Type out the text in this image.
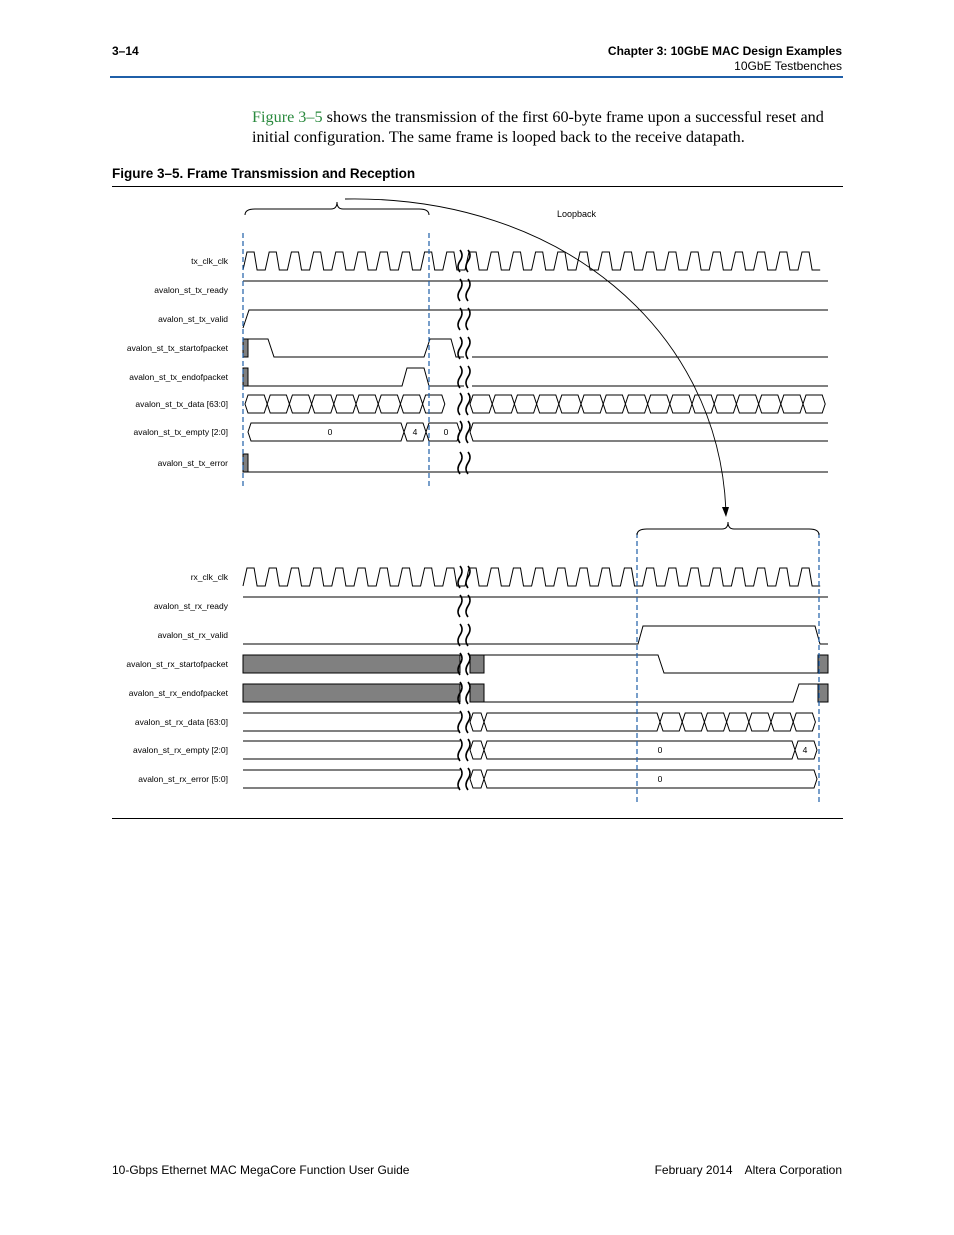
3–14	Chapter 3: 10GbE MAC Design Examples
10GbE Testbenches
Figure 3–5 shows the transmission of the first 60-byte frame upon a successful reset and initial configuration. The same frame is looped back to the receive datapath.
Figure 3–5. Frame Transmission and Reception
tx_clk_clk
avalon_st_tx_ready
avalon_st_tx_valid
avalon_st_tx_startofpacket
avalon_st_tx_endofpacket
avalon_st_tx_data [63:0]
avalon_st_tx_empty [2:0]
avalon_st_tx_error
rx_clk_clk
avalon_st_rx_ready
avalon_st_rx_valid
avalon_st_rx_startofpacket
avalon_st_rx_endofpacket
avalon_st_rx_data [63:0]
avalon_st_rx_empty [2:0]
avalon_st_rx_error [5:0]
0	4	0
0	4
0
Loopback
10-Gbps Ethernet MAC MegaCore Function User Guide	February 2014 Altera Corporation
